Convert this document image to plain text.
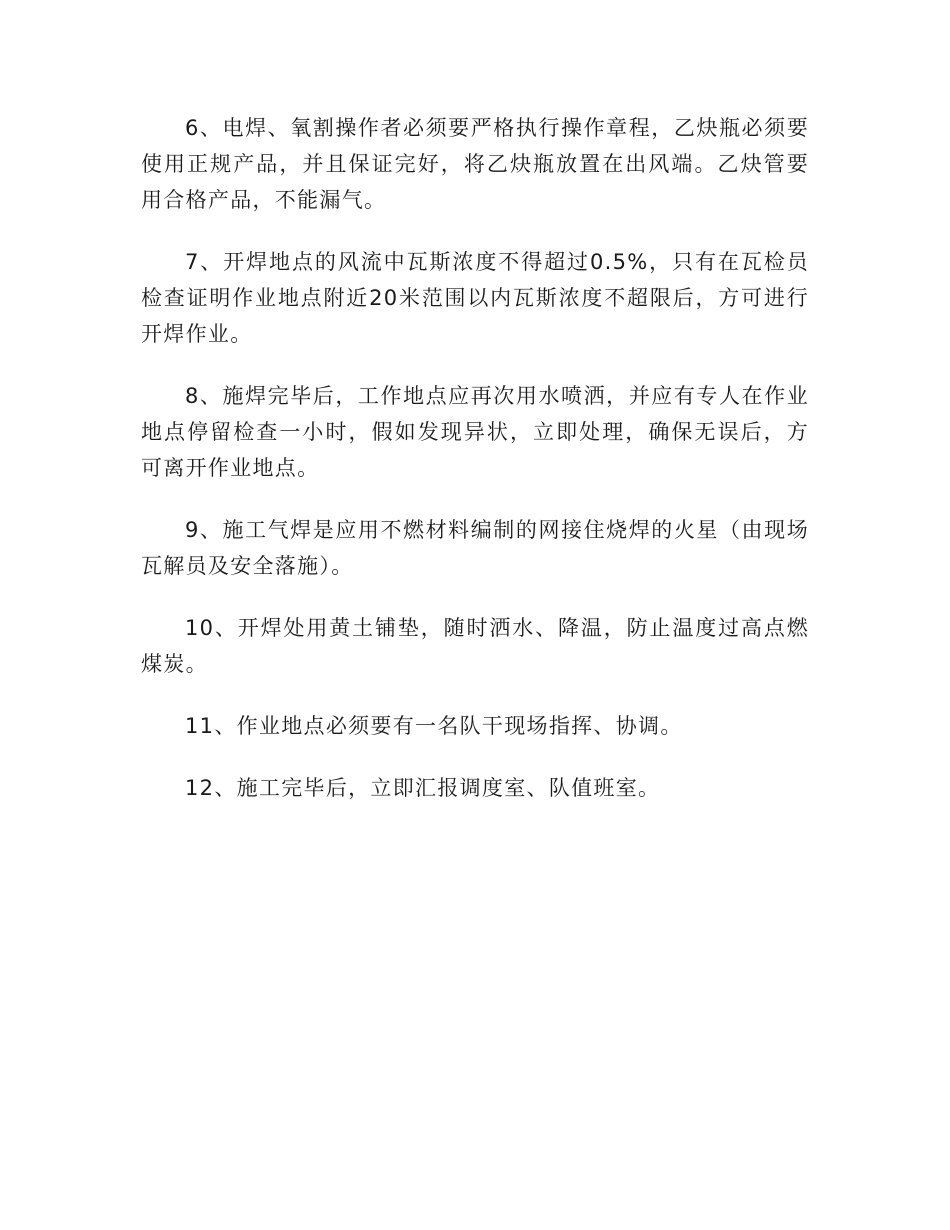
6、电焊、氧割操作者必须要严格执行操作章程，乙炔瓶必须要使用正规产品，并且保证完好，将乙炔瓶放置在出风端。乙炔管要用合格产品，不能漏气。

7、开焊地点的风流中瓦斯浓度不得超过0.5%，只有在瓦检员检查证明作业地点附近20米范围以内瓦斯浓度不超限后，方可进行开焊作业。

8、施焊完毕后，工作地点应再次用水喷洒，并应有专人在作业地点停留检查一小时，假如发现异状，立即处理，确保无误后，方可离开作业地点。

9、施工气焊是应用不燃材料编制的网接住烧焊的火星（由现场瓦解员及安全落施）。

10、开焊处用黄土铺垫，随时洒水、降温，防止温度过高点燃煤炭。

11、作业地点必须要有一名队干现场指挥、协调。

12、施工完毕后，立即汇报调度室、队值班室。
